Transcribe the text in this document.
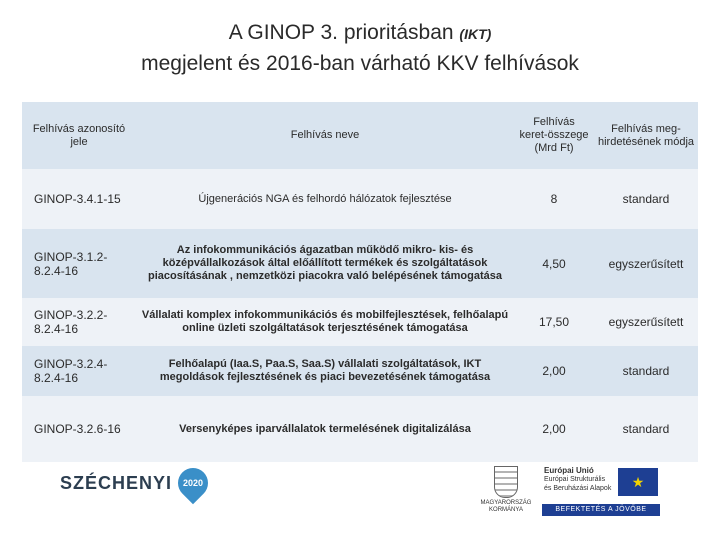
A GINOP 3. prioritásban (IKT)
megjelent és 2016-ban várható KKV felhívások
Felhívás azonosító jele	Felhívás neve	Felhívás keret-összege (Mrd Ft)	Felhívás meg-hirdetésének módja
GINOP-3.4.1-15	Újgenerációs NGA és felhordó hálózatok fejlesztése	8	standard
GINOP-3.1.2-8.2.4-16	Az infokommunikációs ágazatban működő mikro- kis- és középvállalkozások által előállított termékek és szolgáltatások piacosításának , nemzetközi piacokra való belépésének támogatása	4,50	egyszerűsített
GINOP-3.2.2-8.2.4-16	Vállalati komplex infokommunikációs és mobilfejlesztések, felhőalapú online üzleti szolgáltatások terjesztésének támogatása	17,50	egyszerűsített
GINOP-3.2.4-8.2.4-16	Felhőalapú (Iaa.S, Paa.S, Saa.S) vállalati szolgáltatások, IKT megoldások fejlesztésének és piaci bevezetésének támogatása	2,00	standard
GINOP-3.2.6-16	Versenyképes iparvállalatok termelésének digitalizálása	2,00	standard
SZÉCHENYI 2020
MAGYARORSZÁG KORMÁNYA
Európai Unió
Európai Strukturális
és Beruházási Alapok ★
BEFEKTETÉS A JÖVŐBE
